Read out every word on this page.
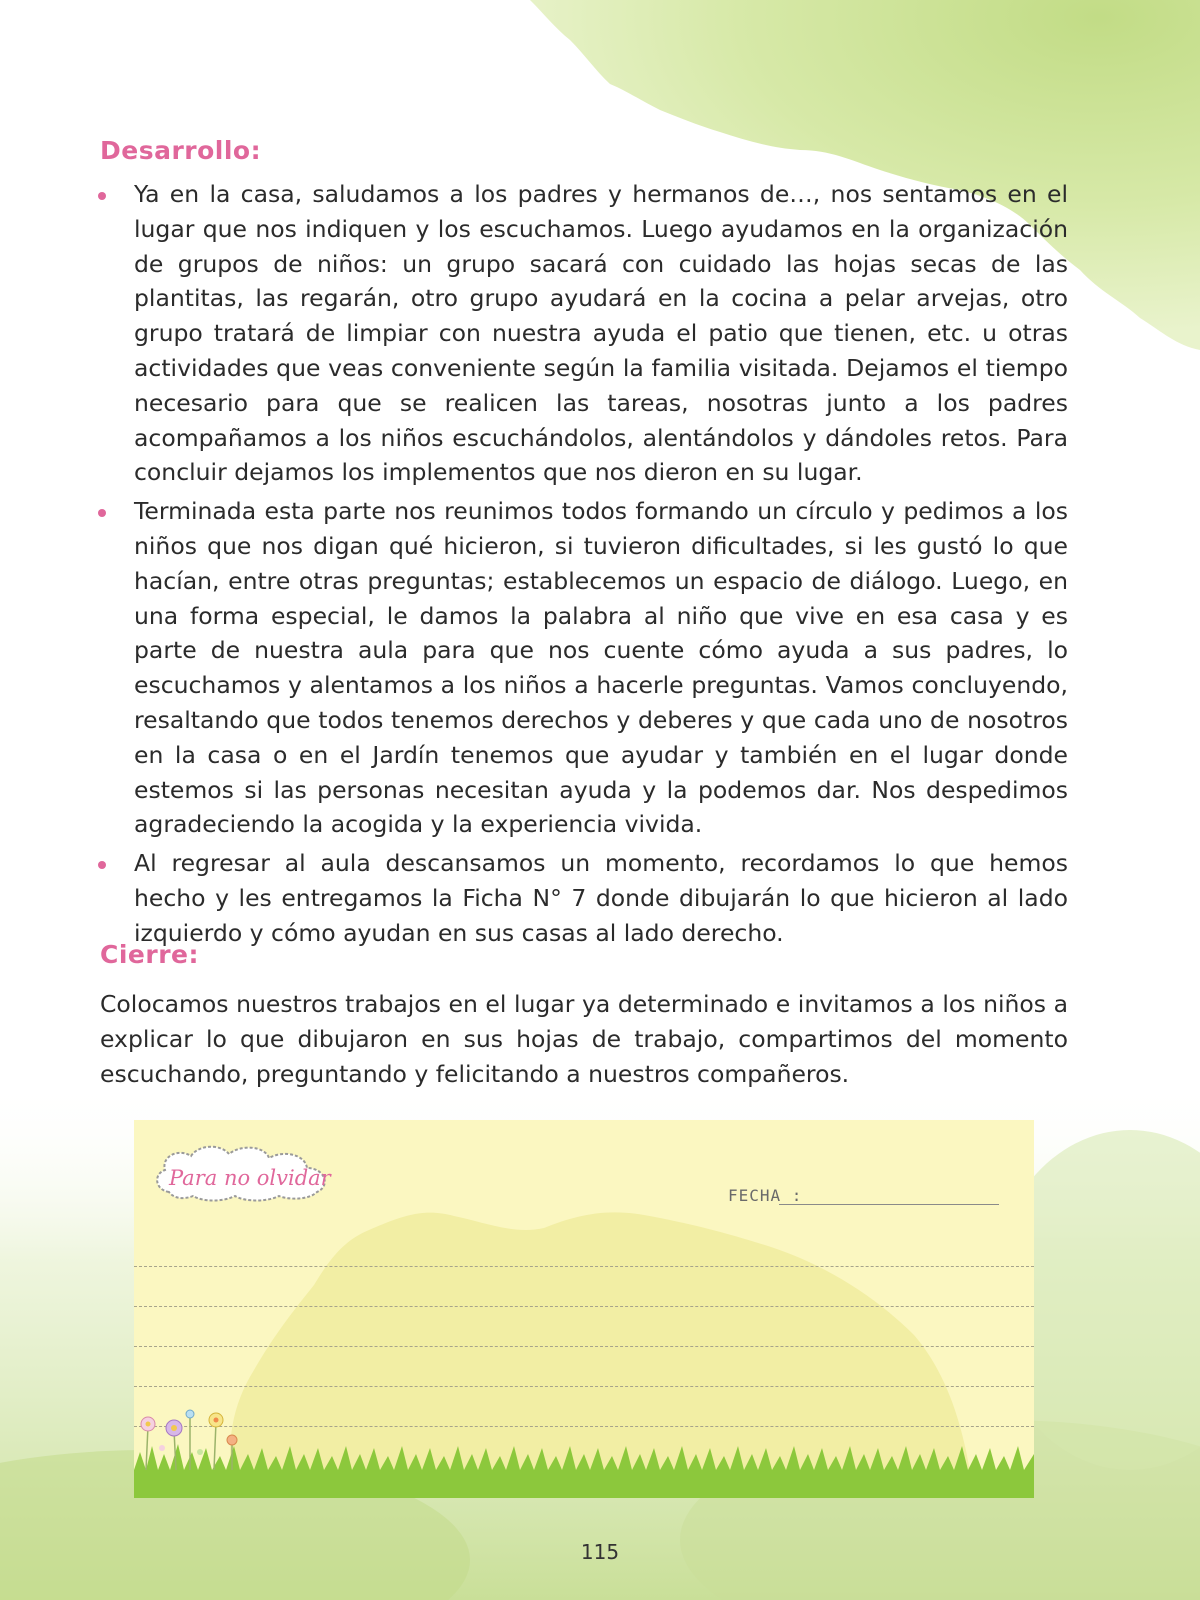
Desarrollo:
Ya en la casa, saludamos a los padres y hermanos de…, nos sentamos en el lugar que nos indiquen y los escuchamos. Luego ayudamos en la organización de grupos de niños: un grupo sacará con cuidado las hojas secas de las plantitas, las regarán, otro grupo ayudará en la cocina a pelar arvejas, otro grupo tratará de limpiar con nuestra ayuda el patio que tienen, etc. u otras actividades que veas conveniente según la familia visitada. Dejamos el tiempo necesario para que se realicen las tareas, nosotras junto a los padres acompañamos a los niños escuchándolos, alentándolos y dándoles retos. Para concluir dejamos los implementos que nos dieron en su lugar.
Terminada esta parte nos reunimos todos formando un círculo y pedimos a los niños que nos digan qué hicieron, si tuvieron dificultades, si les gustó lo que hacían, entre otras preguntas; establecemos un espacio de diálogo. Luego, en una forma especial, le damos la palabra al niño que vive en esa casa y es parte de nuestra aula para que nos cuente cómo ayuda a sus padres, lo escuchamos y alentamos a los niños a hacerle preguntas. Vamos concluyendo, resaltando que todos tenemos derechos y deberes y que cada uno de nosotros en la casa o en el Jardín tenemos que ayudar y también en el lugar donde estemos si las personas necesitan ayuda y la podemos dar. Nos despedimos agradeciendo la acogida y la experiencia vivida.
Al regresar al aula descansamos un momento, recordamos lo que hemos hecho y les entregamos la Ficha N° 7 donde dibujarán lo que hicieron al lado izquierdo y cómo ayudan en sus casas al lado derecho.
Cierre:

Colocamos nuestros trabajos en el lugar ya determinado e invitamos a los niños a explicar lo que dibujaron en sus hojas de trabajo, compartimos del momento escuchando, preguntando y felicitando a nuestros compañeros.

Para no olvidar

FECHA :

115
